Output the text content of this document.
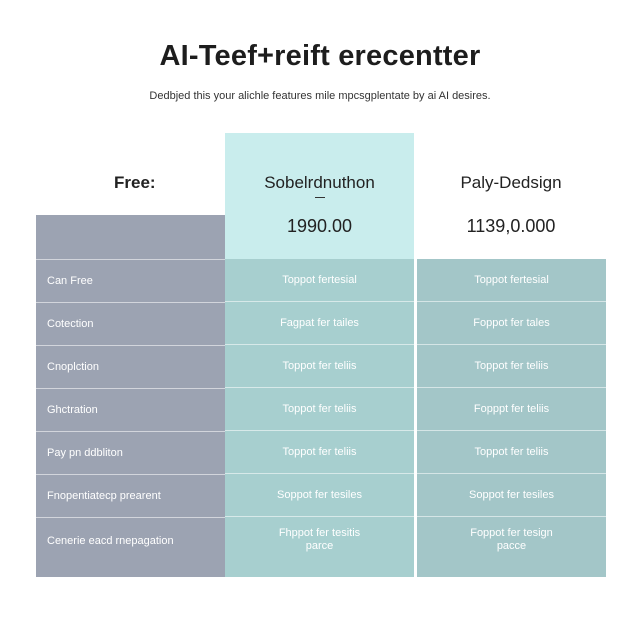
AI-Teef+reift erecentter
Dedbjed this your alichle features mile mpcsgplentate by ai AI desires.
Sobelrdnuthon
1990.00
Free:	Paly-Dedsign
1139,0.000
Can Free
Cotection
Cnoplction
Ghctration
Pay pn ddbliton
Fnopentiatecp prearent
Cenerie eacd rnepagation
Toppot fertesial
Fagpat fer tailes
Toppot fer teliis
Toppot fer teliis
Toppot fer teliis
Soppot fer tesiles
Fhppot fer tesitis
parce
Toppot fertesial
Foppot fer tales
Toppot fer teliis
Fopppt fer teliis
Toppot fer teliis
Soppot fer tesiles
Foppot fer tesign
pacce
